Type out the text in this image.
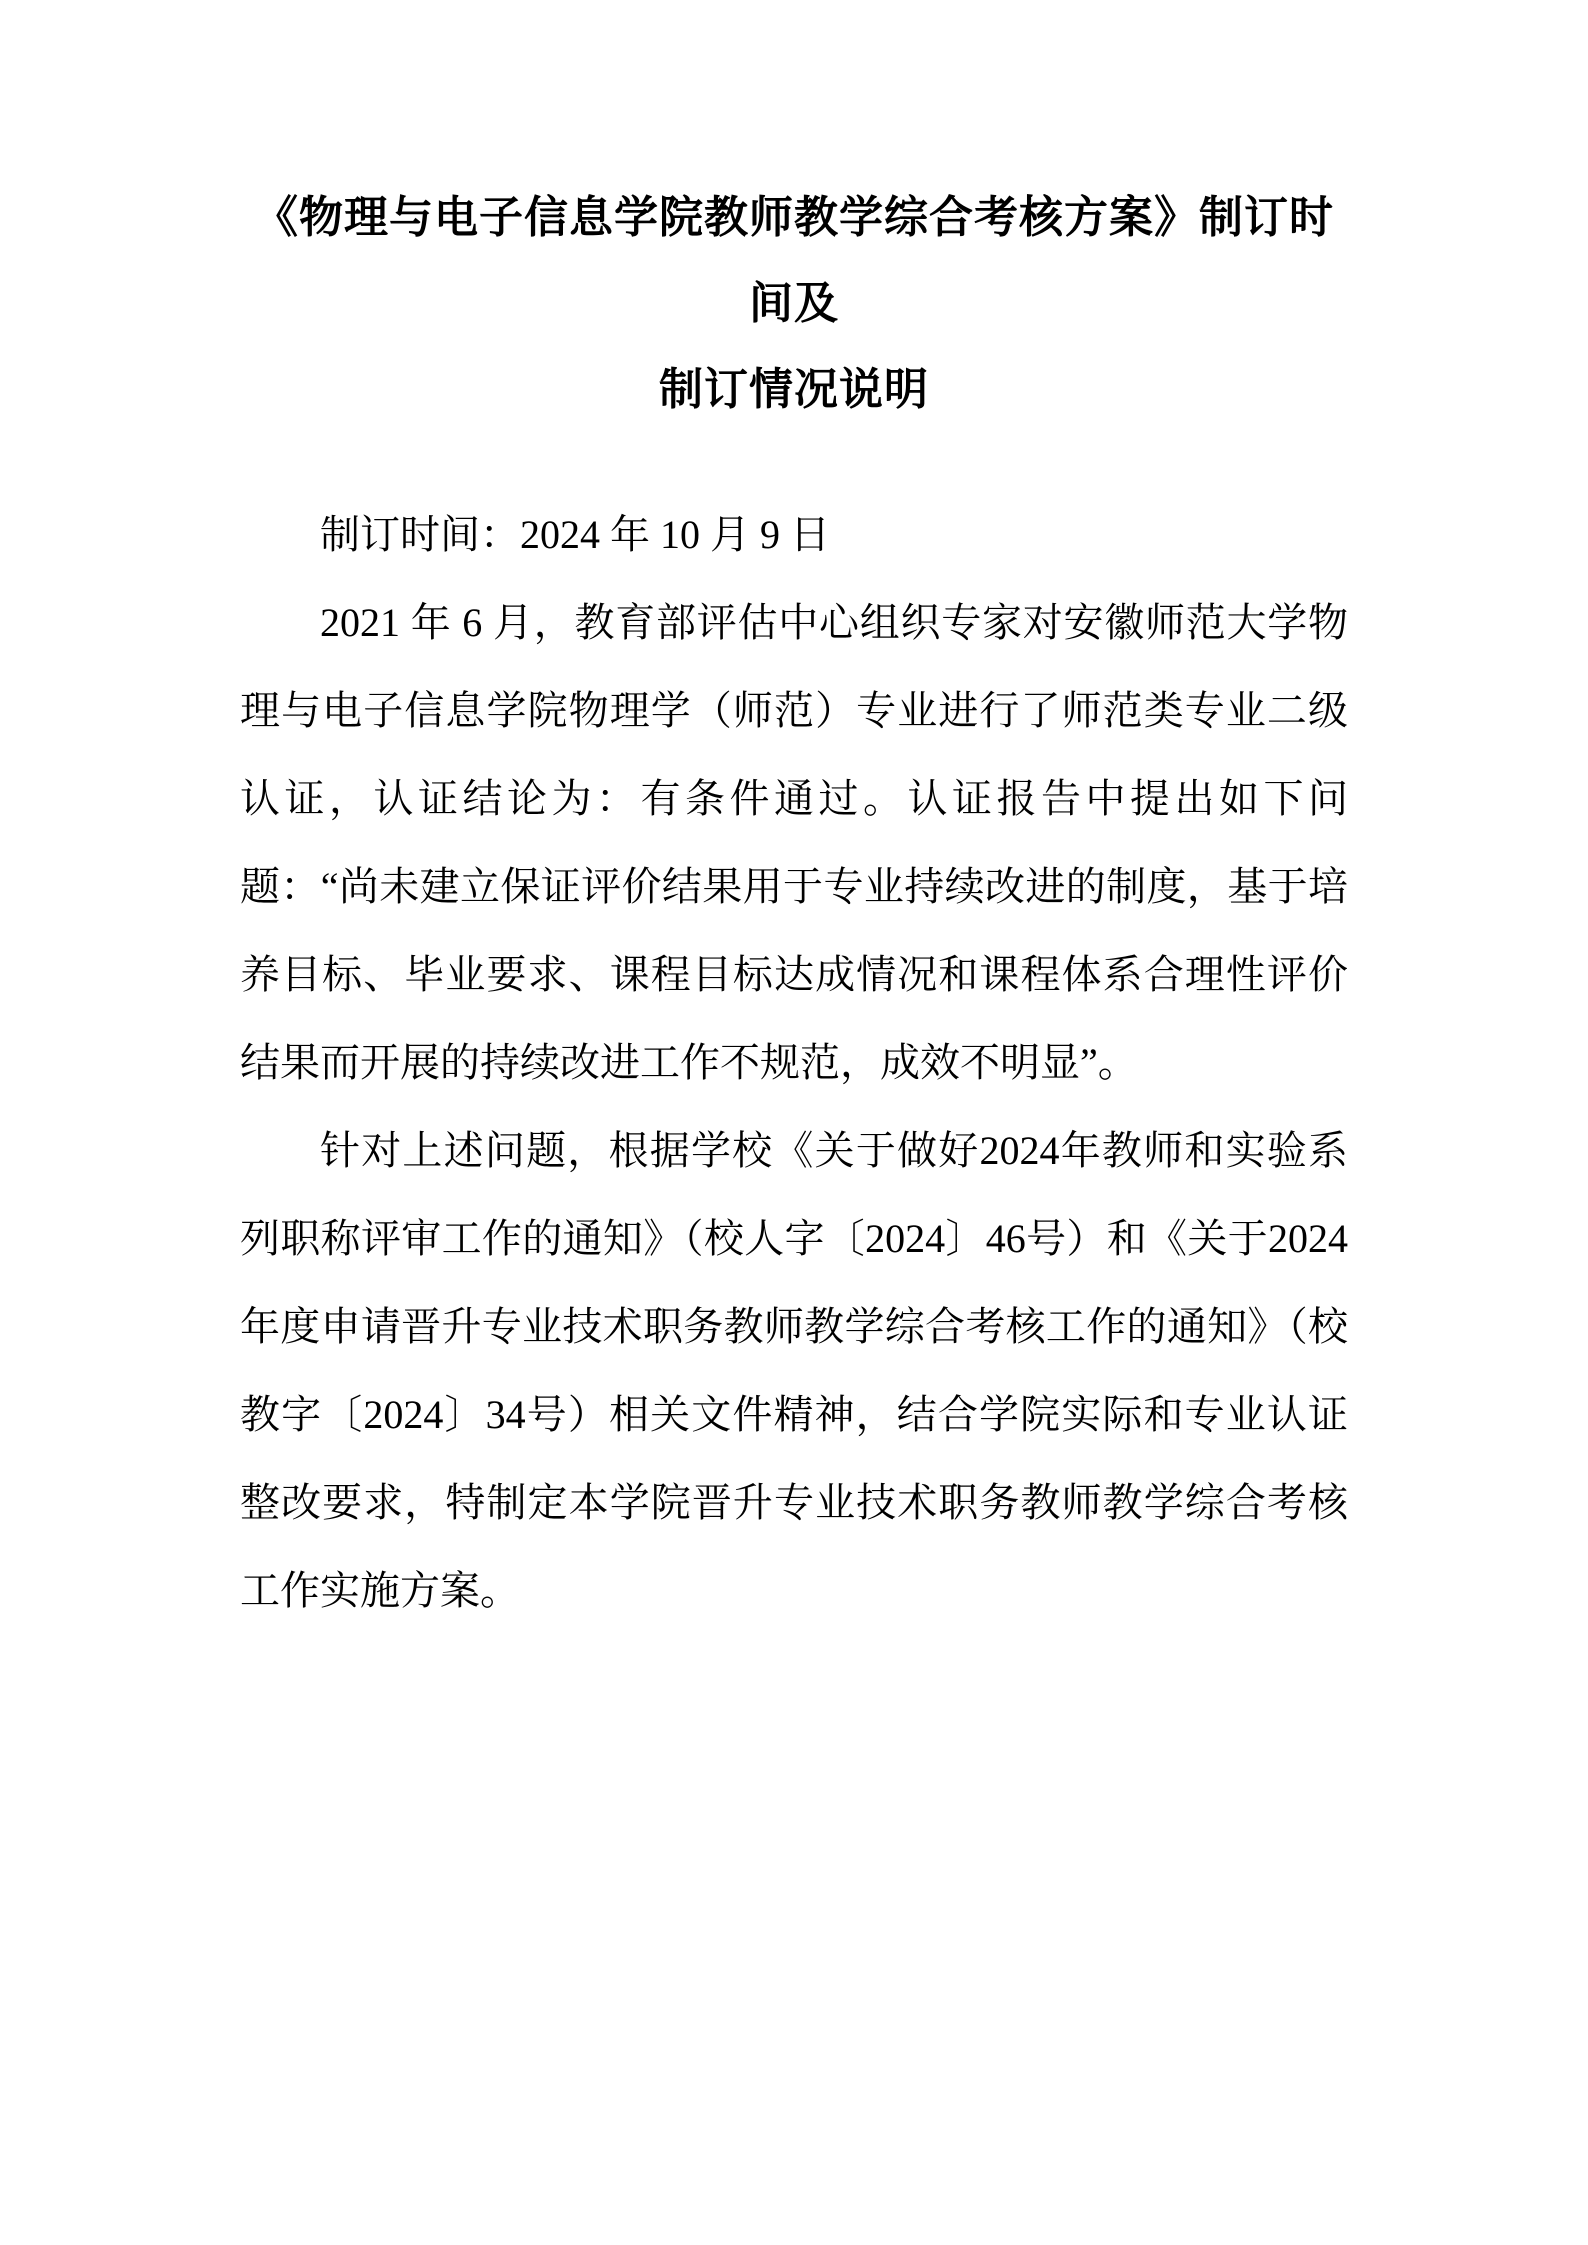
《物理与电子信息学院教师教学综合考核方案》制订时间及
制订情况说明

制订时间：2024 年 10 月 9 日

2021 年 6 月，教育部评估中心组织专家对安徽师范大学物理与电子信息学院物理学（师范）专业进行了师范类专业二级认证，认证结论为：有条件通过。认证报告中提出如下问题：“尚未建立保证评价结果用于专业持续改进的制度，基于培养目标、毕业要求、课程目标达成情况和课程体系合理性评价结果而开展的持续改进工作不规范，成效不明显”。

针对上述问题，根据学校《关于做好2024年教师和实验系列职称评审工作的通知》（校人字〔2024〕46号）和《关于2024年度申请晋升专业技术职务教师教学综合考核工作的通知》（校教字〔2024〕34号）相关文件精神，结合学院实际和专业认证整改要求，特制定本学院晋升专业技术职务教师教学综合考核工作实施方案。
